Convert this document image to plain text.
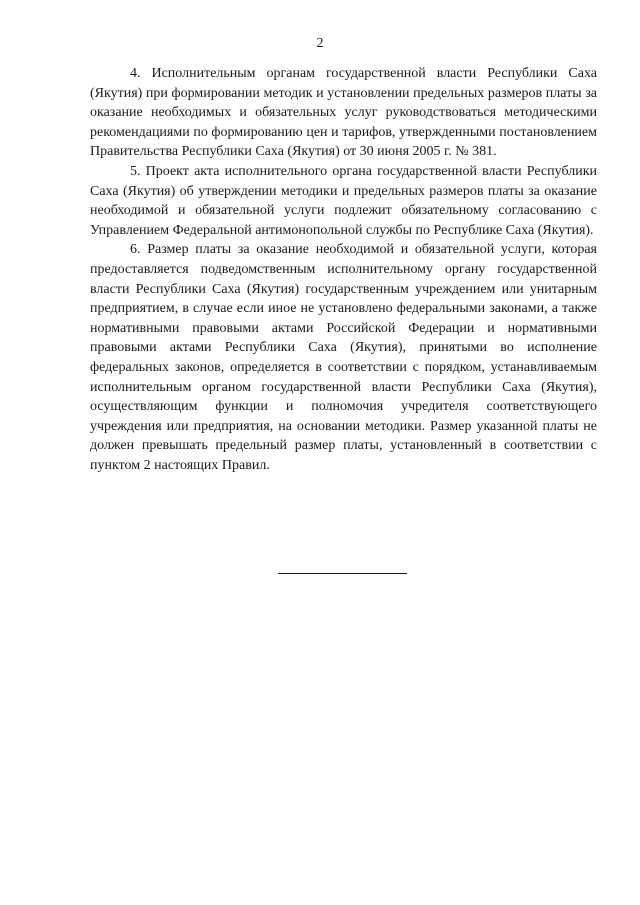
2

4. Исполнительным органам государственной власти Республики Саха (Якутия) при формировании методик и установлении предельных размеров платы за оказание необходимых и обязательных услуг руководствоваться методическими рекомендациями по формированию цен и тарифов, утвержденными постановлением Правительства Республики Саха (Якутия) от 30 июня 2005 г. № 381.

5. Проект акта исполнительного органа государственной власти Республики Саха (Якутия) об утверждении методики и предельных размеров платы за оказание необходимой и обязательной услуги подлежит обязательному согласованию с Управлением Федеральной антимонопольной службы по Республике Саха (Якутия).

6. Размер платы за оказание необходимой и обязательной услуги, которая предоставляется подведомственным исполнительному органу государственной власти Республики Саха (Якутия) государственным учреждением или унитарным предприятием, в случае если иное не установлено федеральными законами, а также нормативными правовыми актами Российской Федерации и нормативными правовыми актами Республики Саха (Якутия), принятыми во исполнение федеральных законов, определяется в соответствии с порядком, устанавливаемым исполнительным органом государственной власти Республики Саха (Якутия), осуществляющим функции и полномочия учредителя соответствующего учреждения или предприятия, на основании методики. Размер указанной платы не должен превышать предельный размер платы, установленный в соответствии с пунктом 2 настоящих Правил.
